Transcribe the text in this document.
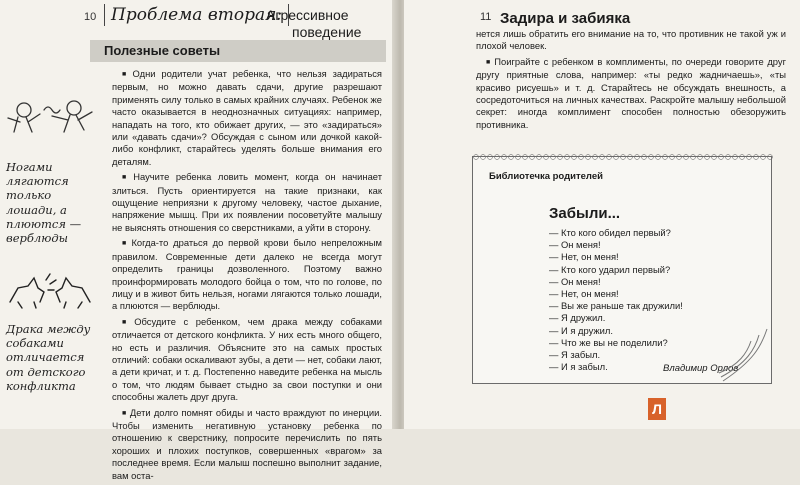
10 Проблема вторая:
Агрессивное
поведение
Полезные советы

■ Одни родители учат ребенка, что нельзя задираться первым, но можно давать сдачи, другие разрешают применять силу только в самых крайних случаях. Ребенок же часто оказывается в неоднозначных ситуациях: например, нападать на того, кто обижает других, — это «задираться» или «давать сдачи»? Обсуждая с сыном или дочкой какой-либо конфликт, старайтесь уделять больше внимания его деталям.

■ Научите ребенка ловить момент, когда он начинает злиться. Пусть ориентируется на такие признаки, как ощущение неприязни к другому человеку, частое дыхание, напряжение мышц. При их появлении посоветуйте малышу не выяснять отношения со сверстниками, а уйти в сторону.

■ Когда-то драться до первой крови было непреложным правилом. Современные дети далеко не всегда могут определить границы дозволенного. Поэтому важно проинформировать молодого бойца о том, что по голове, по лицу и в живот бить нельзя, ногами лягаются только лошади, а плюются — верблюды.

■ Обсудите с ребенком, чем драка между собаками отличается от детского конфликта. У них есть много общего, но есть и различия. Объясните это на самых простых отличий: собаки оскаливают зубы, а дети — нет, собаки лают, а дети кричат, и т. д. Постепенно наведите ребенка на мысль о том, что людям бывает стыдно за свои поступки и они способны жалеть друг друга.

■ Дети долго помнят обиды и часто враждуют по инерции. Чтобы изменить негативную установку ребенка по отношению к сверстнику, попросите перечислить по пять хороших и плохих поступков, совершенных «врагом» за последнее время. Если малыш поспешно выполнит задание, вам оста-

Ногами лягаются только лошади, а плюются — верблюды
Драка между собаками отличается от детского конфликта
11 Задира и забияка

нется лишь обратить его внимание на то, что противник не такой уж и плохой человек.

■ Поиграйте с ребенком в комплименты, по очереди говорите друг другу приятные слова, например: «ты редко жадничаешь», «ты красиво рисуешь» и т. д. Старайтесь не обсуждать внешность, а сосредоточиться на личных качествах. Раскройте малышу небольшой секрет: иногда комплимент способен полностью обезоружить противника.

Библиотечка родителей
Забыли...
— Кто кого обидел первый?
— Он меня!
— Нет, он меня!
— Кто кого ударил первый?
— Он меня!
— Нет, он меня!
— Вы же раньше так дружили!
— Я дружил.
— И я дружил.
— Что же вы не поделили?
— Я забыл.
— И я забыл.	Владимир Орлов
Л
